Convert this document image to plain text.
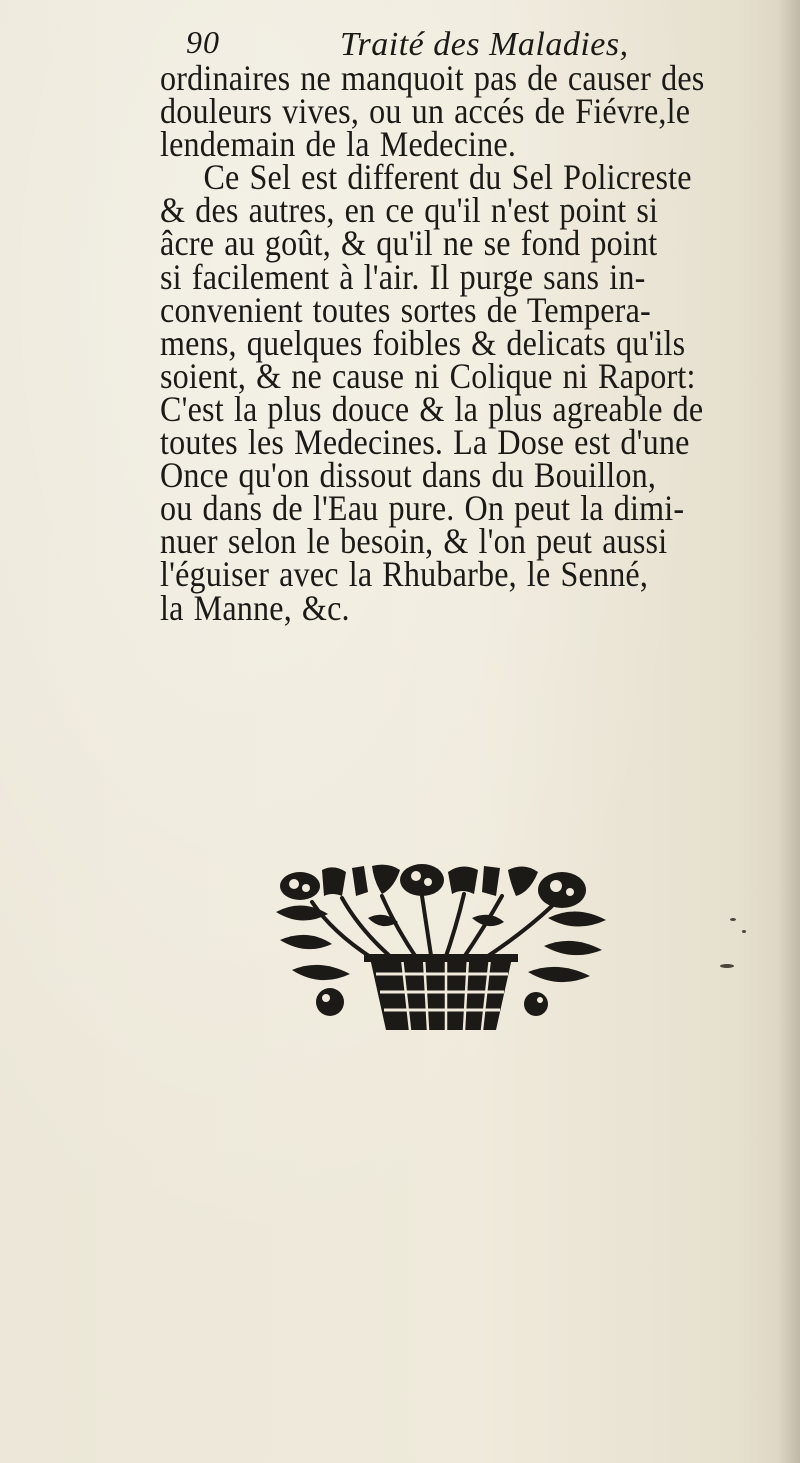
90	Traité des Maladies,
ordinaires ne manquoit pas de causer des
douleurs vives, ou un accés de Fiévre,le
lendemain de la Medecine.
Ce Sel est different du Sel Policreste
& des autres, en ce qu'il n'est point si
âcre au goût, & qu'il ne se fond point
si facilement à l'air. Il purge sans in-
convenient toutes sortes de Tempera-
mens, quelques foibles & delicats qu'ils
soient, & ne cause ni Colique ni Raport:
C'est la plus douce & la plus agreable de
toutes les Medecines. La Dose est d'une
Once qu'on dissout dans du Bouillon,
ou dans de l'Eau pure. On peut la dimi-
nuer selon le besoin, & l'on peut aussi
l'éguiser avec la Rhubarbe, le Senné,
la Manne, &c.
